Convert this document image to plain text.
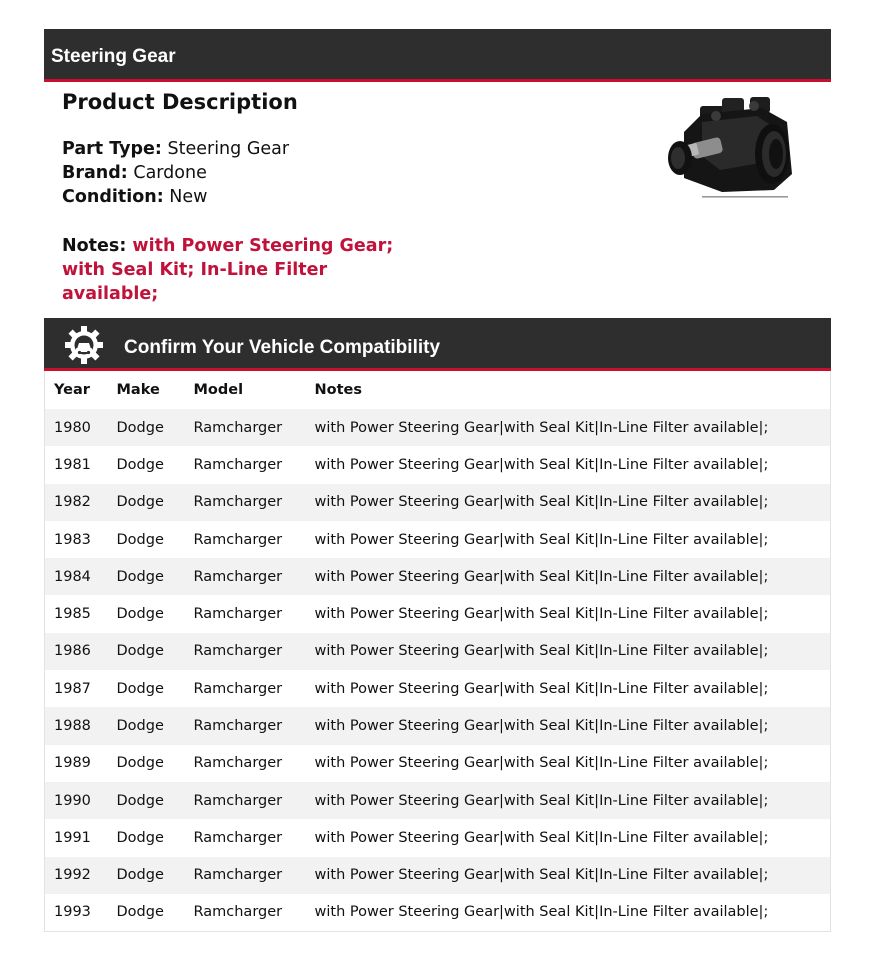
Steering Gear
Product Description
Part Type: Steering Gear
Brand: Cardone
Condition: New
Notes: with Power Steering Gear; with Seal Kit; In-Line Filter available;
Confirm Your Vehicle Compatibility
Year	Make	Model	Notes
1980	Dodge	Ramcharger	with Power Steering Gear|with Seal Kit|In-Line Filter available|;
1981	Dodge	Ramcharger	with Power Steering Gear|with Seal Kit|In-Line Filter available|;
1982	Dodge	Ramcharger	with Power Steering Gear|with Seal Kit|In-Line Filter available|;
1983	Dodge	Ramcharger	with Power Steering Gear|with Seal Kit|In-Line Filter available|;
1984	Dodge	Ramcharger	with Power Steering Gear|with Seal Kit|In-Line Filter available|;
1985	Dodge	Ramcharger	with Power Steering Gear|with Seal Kit|In-Line Filter available|;
1986	Dodge	Ramcharger	with Power Steering Gear|with Seal Kit|In-Line Filter available|;
1987	Dodge	Ramcharger	with Power Steering Gear|with Seal Kit|In-Line Filter available|;
1988	Dodge	Ramcharger	with Power Steering Gear|with Seal Kit|In-Line Filter available|;
1989	Dodge	Ramcharger	with Power Steering Gear|with Seal Kit|In-Line Filter available|;
1990	Dodge	Ramcharger	with Power Steering Gear|with Seal Kit|In-Line Filter available|;
1991	Dodge	Ramcharger	with Power Steering Gear|with Seal Kit|In-Line Filter available|;
1992	Dodge	Ramcharger	with Power Steering Gear|with Seal Kit|In-Line Filter available|;
1993	Dodge	Ramcharger	with Power Steering Gear|with Seal Kit|In-Line Filter available|;
